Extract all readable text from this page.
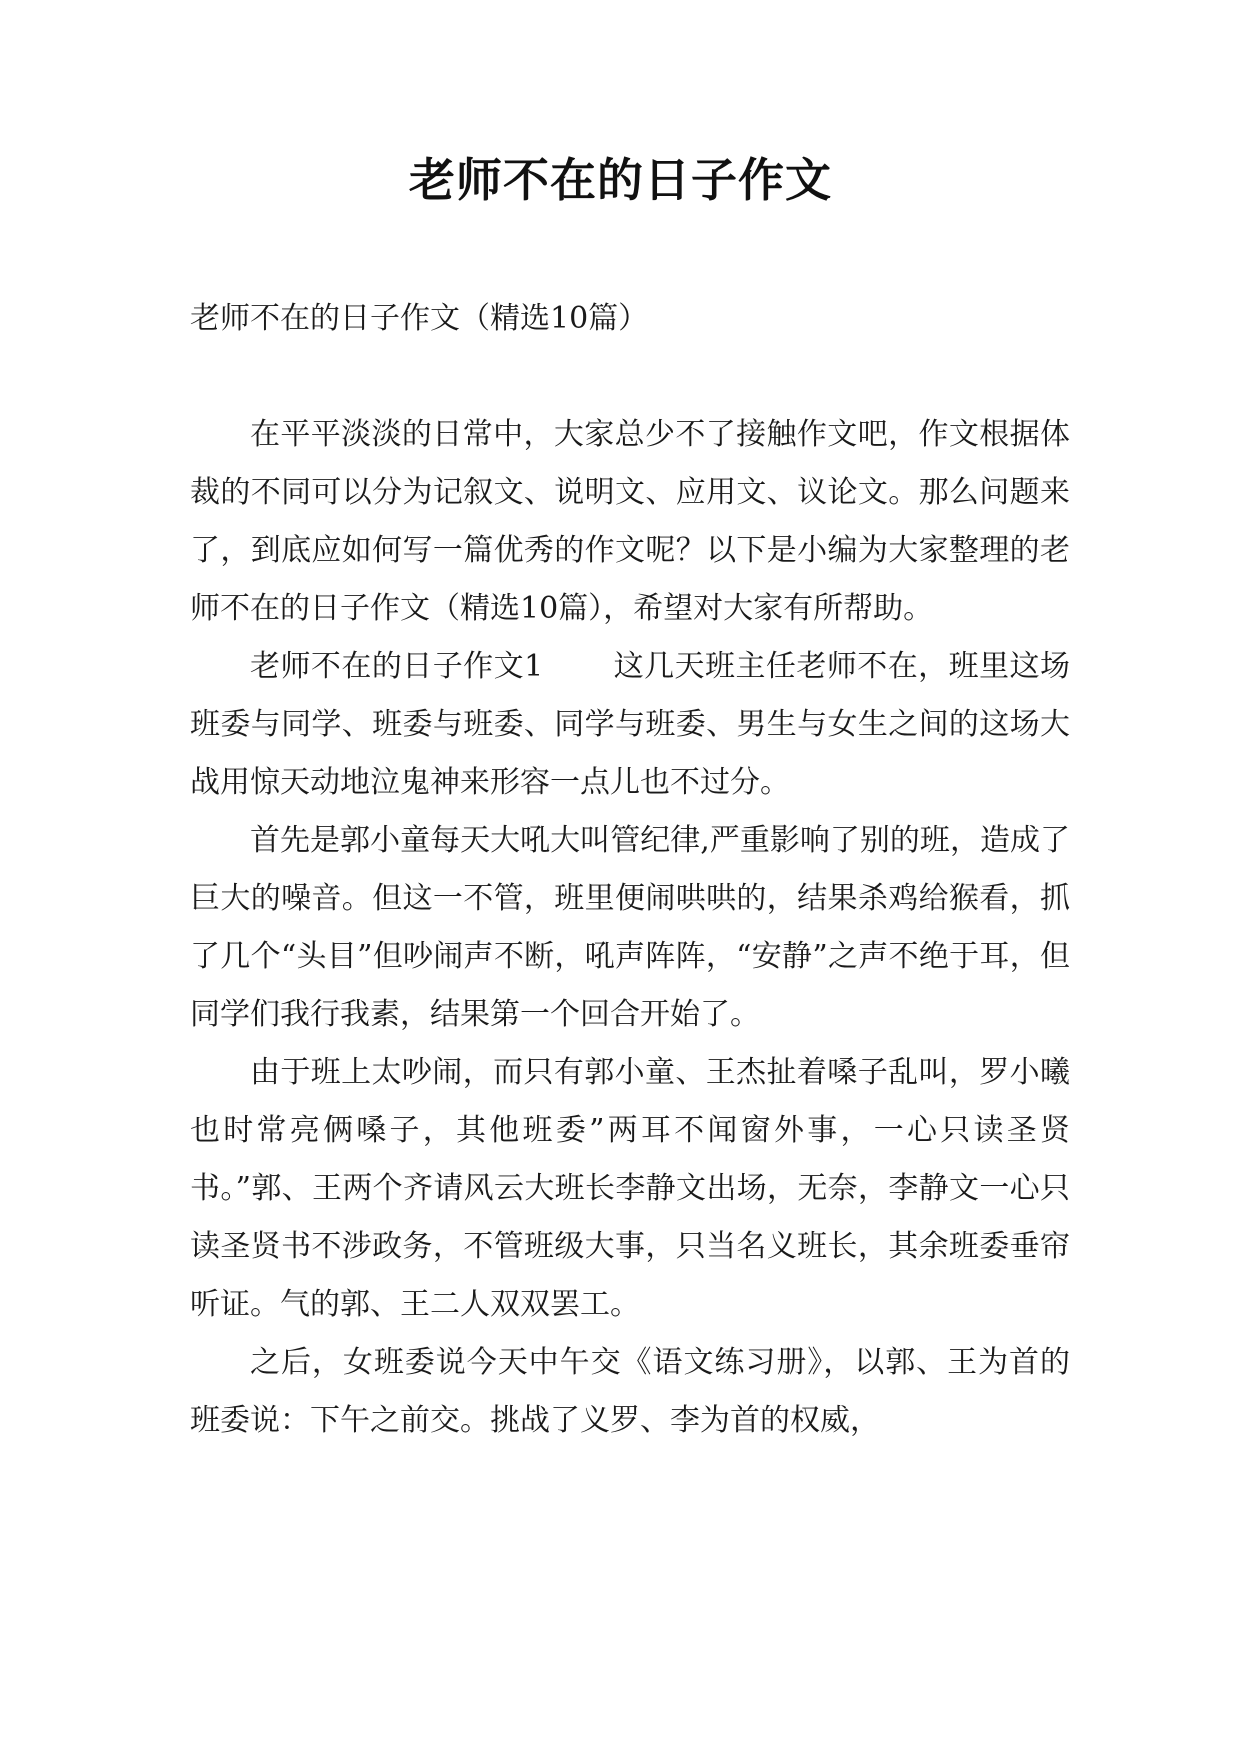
老师不在的日子作文

老师不在的日子作文（精选10篇）

在平平淡淡的日常中，大家总少不了接触作文吧，作文根据体裁的不同可以分为记叙文、说明文、应用文、议论文。那么问题来了，到底应如何写一篇优秀的作文呢？以下是小编为大家整理的老师不在的日子作文（精选10篇），希望对大家有所帮助。

老师不在的日子作文1 这几天班主任老师不在，班里这场班委与同学、班委与班委、同学与班委、男生与女生之间的这场大战用惊天动地泣鬼神来形容一点儿也不过分。

首先是郭小童每天大吼大叫管纪律,严重影响了别的班，造成了巨大的噪音。但这一不管，班里便闹哄哄的，结果杀鸡给猴看，抓了几个“头目”但吵闹声不断，吼声阵阵，“安静”之声不绝于耳，但同学们我行我素，结果第一个回合开始了。

由于班上太吵闹，而只有郭小童、王杰扯着嗓子乱叫，罗小曦也时常亮俩嗓子，其他班委”两耳不闻窗外事，一心只读圣贤书。”郭、王两个齐请风云大班长李静文出场，无奈，李静文一心只读圣贤书不涉政务，不管班级大事，只当名义班长，其余班委垂帘听证。气的郭、王二人双双罢工。

之后，女班委说今天中午交《语文练习册》，以郭、王为首的班委说：下午之前交。挑战了义罗、李为首的权威，
